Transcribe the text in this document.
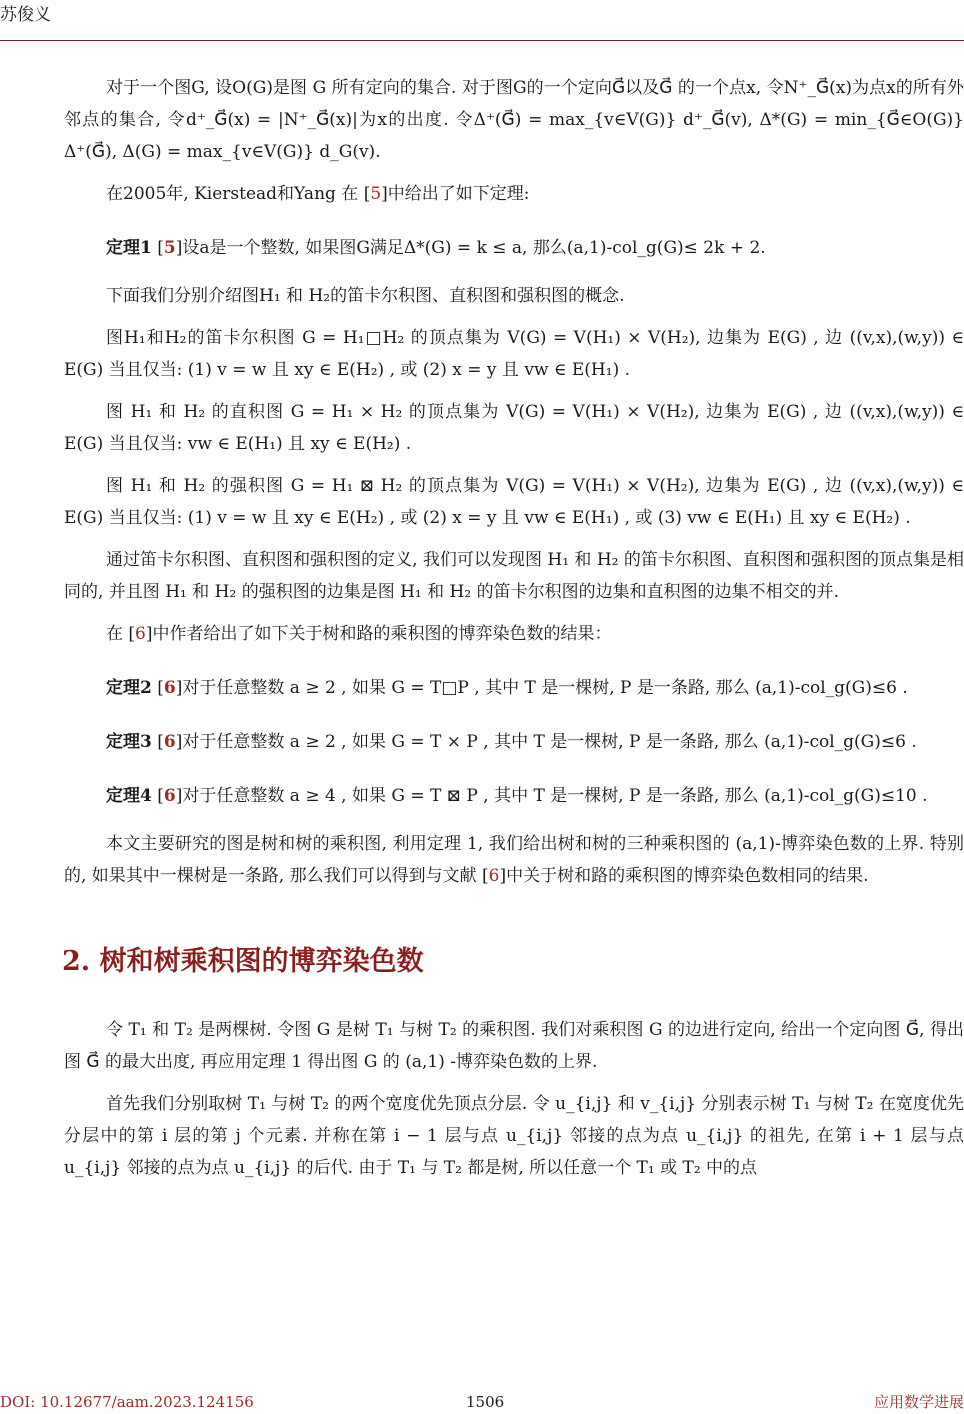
苏俊义

对于一个图G, 设O(G)是图 G 所有定向的集合. 对于图G的一个定向G⃗以及G⃗ 的一个点x, 令N⁺_G⃗(x)为点x的所有外邻点的集合, 令d⁺_G⃗(x) = |N⁺_G⃗(x)|为x的出度. 令Δ⁺(G⃗) = max_{v∈V(G)} d⁺_G⃗(v), Δ*(G) = min_{G⃗∈O(G)} Δ⁺(G⃗), Δ(G) = max_{v∈V(G)} d_G(v).

在2005年, Kierstead和Yang 在 [5]中给出了如下定理:

定理1 [5]设a是一个整数, 如果图G满足Δ*(G) = k ≤ a, 那么(a,1)-col_g(G)≤ 2k + 2.

下面我们分别介绍图H₁ 和 H₂的笛卡尔积图、直积图和强积图的概念.

图H₁和H₂的笛卡尔积图 G = H₁□H₂ 的顶点集为 V(G) = V(H₁) × V(H₂), 边集为 E(G) , 边 ((v,x),(w,y)) ∈ E(G) 当且仅当: (1) v = w 且 xy ∈ E(H₂) , 或 (2) x = y 且 vw ∈ E(H₁) .

图 H₁ 和 H₂ 的直积图 G = H₁ × H₂ 的顶点集为 V(G) = V(H₁) × V(H₂), 边集为 E(G) , 边 ((v,x),(w,y)) ∈ E(G) 当且仅当: vw ∈ E(H₁) 且 xy ∈ E(H₂) .

图 H₁ 和 H₂ 的强积图 G = H₁ ⊠ H₂ 的顶点集为 V(G) = V(H₁) × V(H₂), 边集为 E(G) , 边 ((v,x),(w,y)) ∈ E(G) 当且仅当: (1) v = w 且 xy ∈ E(H₂) , 或 (2) x = y 且 vw ∈ E(H₁) , 或 (3) vw ∈ E(H₁) 且 xy ∈ E(H₂) .

通过笛卡尔积图、直积图和强积图的定义, 我们可以发现图 H₁ 和 H₂ 的笛卡尔积图、直积图和强积图的顶点集是相同的, 并且图 H₁ 和 H₂ 的强积图的边集是图 H₁ 和 H₂ 的笛卡尔积图的边集和直积图的边集不相交的并.

在 [6]中作者给出了如下关于树和路的乘积图的博弈染色数的结果：

定理2 [6]对于任意整数 a ≥ 2 , 如果 G = T□P , 其中 T 是一棵树, P 是一条路, 那么 (a,1)-col_g(G)≤6 .

定理3 [6]对于任意整数 a ≥ 2 , 如果 G = T × P , 其中 T 是一棵树, P 是一条路, 那么 (a,1)-col_g(G)≤6 .

定理4 [6]对于任意整数 a ≥ 4 , 如果 G = T ⊠ P , 其中 T 是一棵树, P 是一条路, 那么 (a,1)-col_g(G)≤10 .

本文主要研究的图是树和树的乘积图, 利用定理 1, 我们给出树和树的三种乘积图的 (a,1)-博弈染色数的上界. 特别的, 如果其中一棵树是一条路, 那么我们可以得到与文献 [6]中关于树和路的乘积图的博弈染色数相同的结果.

2. 树和树乘积图的博弈染色数

令 T₁ 和 T₂ 是两棵树. 令图 G 是树 T₁ 与树 T₂ 的乘积图. 我们对乘积图 G 的边进行定向, 给出一个定向图 G⃗, 得出图 G⃗ 的最大出度, 再应用定理 1 得出图 G 的 (a,1) -博弈染色数的上界.

首先我们分别取树 T₁ 与树 T₂ 的两个宽度优先顶点分层. 令 u_{i,j} 和 v_{i,j} 分别表示树 T₁ 与树 T₂ 在宽度优先分层中的第 i 层的第 j 个元素. 并称在第 i − 1 层与点 u_{i,j} 邻接的点为点 u_{i,j} 的祖先, 在第 i + 1 层与点 u_{i,j} 邻接的点为点 u_{i,j} 的后代. 由于 T₁ 与 T₂ 都是树, 所以任意一个 T₁ 或 T₂ 中的点

DOI: 10.12677/aam.2023.124156	1506	应用数学进展
